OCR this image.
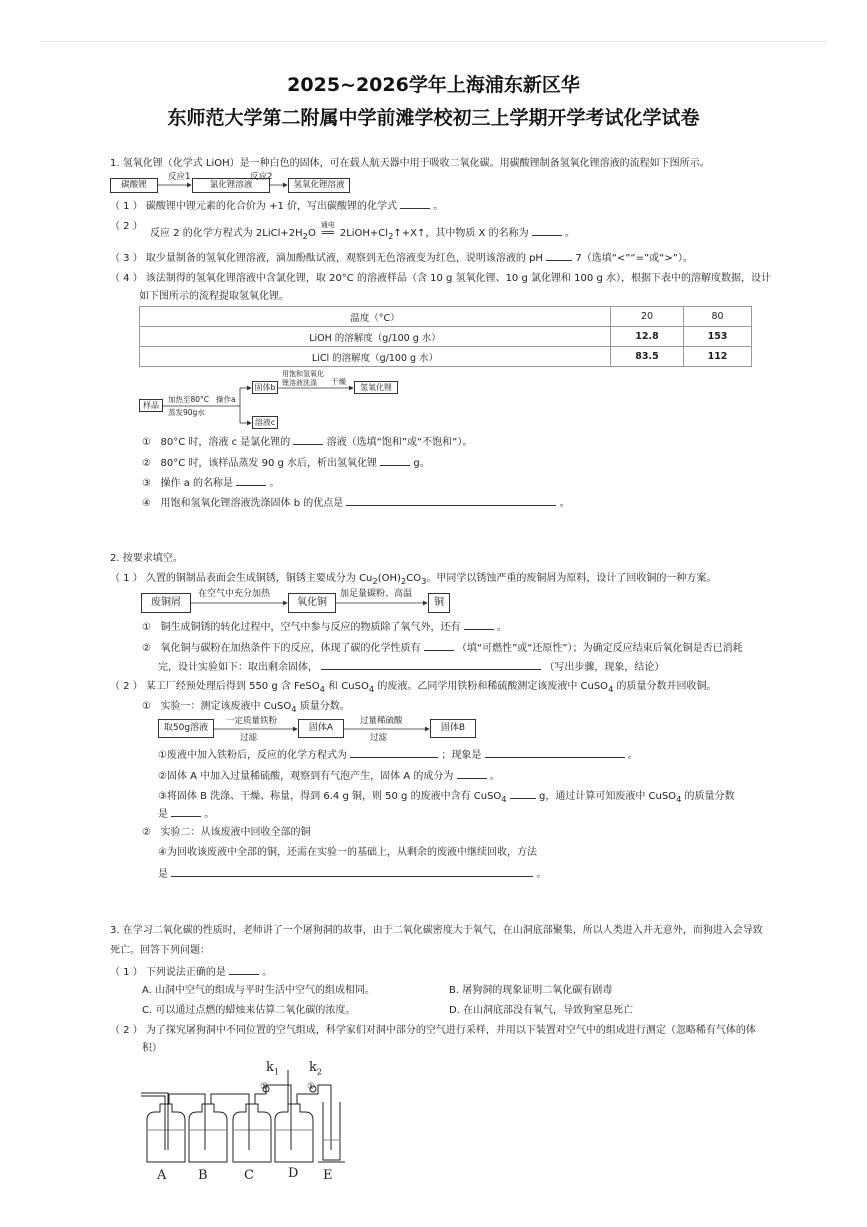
2025~2026学年上海浦东新区华
东师范大学第二附属中学前滩学校初三上学期开学考试化学试卷
1. 氢氧化锂（化学式 LiOH）是一种白色的固体，可在载人航天器中用于吸收二氧化碳。用碳酸锂制备氢氧化锂溶液的流程如下图所示。
碳酸锂
反应1
氯化锂溶液
反应2
氢氧化锂溶液
（ 1 ） 碳酸锂中锂元素的化合价为 +1 价，写出碳酸锂的化学式	。
（ 2 ）
反应 2 的化学方程式为 $2LiCl+2H_2O$
通电
══ $2LiOH+Cl_2↑+X↑$，其中物质 X 的名称为	。
（ 3 ） 取少量制备的氢氧化锂溶液，滴加酚酞试液，观察到无色溶液变为红色，说明该溶液的 pH	7（选填“<”“=”或“>”）。
（ 4 ） 该法制得的氢氧化锂溶液中含氯化锂，取 20°C 的溶液样品（含 10 g 氢氧化锂、10 g 氯化锂和 100 g 水），根据下表中的溶解度数据，设计
如下图所示的流程提取氢氧化锂。
温度（°C）	20	80
LiOH 的溶解度（g/100 g 水）	12.8	153
LiCl 的溶解度（g/100 g 水）	83.5	112
样品
加热至80°C
蒸发90g水
操作a
固体b
用饱和氢氧化
锂溶液洗涤 干燥
氢氧化锂
溶液c
① 80°C 时，溶液 c 是氯化锂的	溶液（选填“饱和”或“不饱和”）。
② 80°C 时，该样品蒸发 90 g 水后，析出氢氧化锂	g。
③ 操作 a 的名称是	。
④ 用饱和氢氧化锂溶液洗涤固体 b 的优点是	。
2. 按要求填空。
（ 1 ） 久置的铜制品表面会生成铜锈，铜锈主要成分为 $Cu_2(OH)_2CO_3$。甲同学以锈蚀严重的废铜屑为原料，设计了回收铜的一种方案。
废铜屑
在空气中充分加热
氧化铜
加足量碳粉、高温
铜
① 铜生成铜锈的转化过程中，空气中参与反应的物质除了氧气外，还有	。
② 氧化铜与碳粉在加热条件下的反应，体现了碳的化学性质有	（填“可燃性”或“还原性”）；为确定反应结束后氧化铜是否已消耗
完，设计实验如下：取出剩余固体，	（写出步骤，现象，结论）
（ 2 ） 某工厂经预处理后得到 550 g 含 FeSO$_4$ 和 CuSO$_4$ 的废液。乙同学用铁粉和稀硫酸测定该废液中 CuSO$_4$ 的质量分数并回收铜。
① 实验一：测定该废液中 CuSO$_4$ 质量分数。
取50g溶液
一定质量铁粉
过滤
固体A
过量稀硫酸
过滤
固体B
①废液中加入铁粉后，反应的化学方程式为	；现象是	。
②固体 A 中加入过量稀硫酸，观察到有气泡产生，固体 A 的成分为	。
③将固体 B 洗涤、干燥、称量，得到 6.4 g 铜，则 50 g 的废液中含有 CuSO$_4$	g，通过计算可知废液中 CuSO$_4$ 的质量分数
是	。
② 实验二：从该废液中回收全部的铜
④为回收该废液中全部的铜，还需在实验一的基础上，从剩余的废液中继续回收，方法
是	。
3. 在学习二氧化碳的性质时，老师讲了一个屠狗洞的故事，由于二氧化碳密度大于氧气，在山洞底部聚集，所以人类进入并无意外，而狗进入会导致
死亡。回答下列问题：
（ 1 ） 下列说法正确的是	。
A. 山洞中空气的组成与平时生活中空气的组成相同。	B. 屠狗洞的现象证明二氧化碳有剧毒
C. 可以通过点燃的蜡烛来估算二氧化碳的浓度。	D. 在山洞底部没有氧气，导致狗窒息死亡
（ 2 ） 为了探究屠狗洞中不同位置的空气组成，科学家们对洞中部分的空气进行采样，并用以下装置对空气中的组成进行测定（忽略稀有气体的体
积）
$k_1$ $k_2$
①	①
A B	C	D E
